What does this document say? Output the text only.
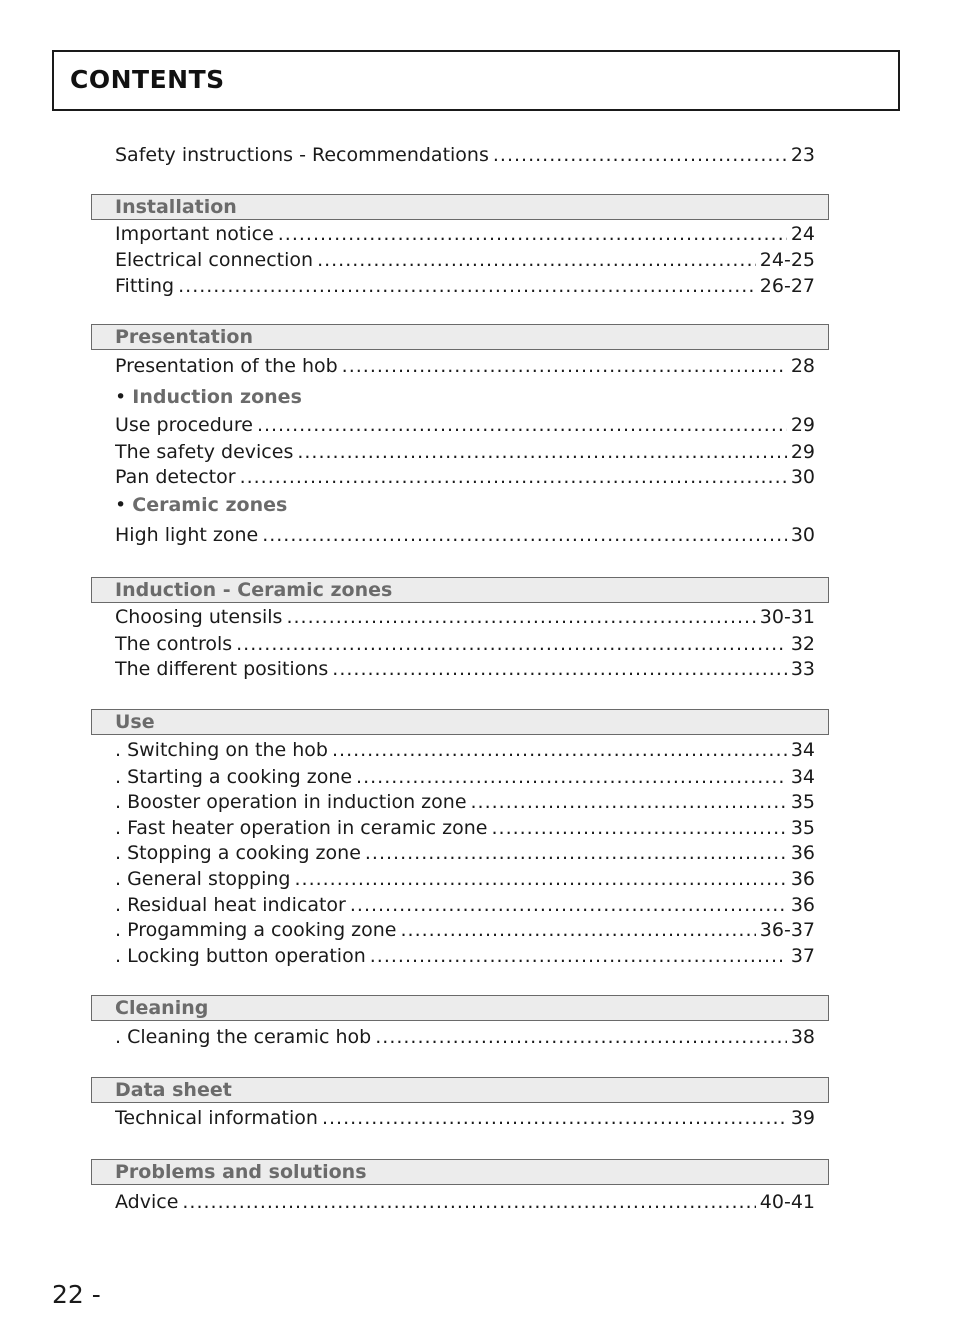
CONTENTS
Safety instructions - Recommendations .....	23
Installation
Important notice .....	24
Electrical connection .....	24-25
Fitting .....	26-27
Presentation
Presentation of the hob .....	28
• Induction zones
Use procedure .....	29
The safety devices .....	29
Pan detector .....	30
• Ceramic zones
High light zone .....	30
Induction - Ceramic zones
Choosing utensils .....	30-31
The controls .....	32
The different positions .....	33
Use
. Switching on the hob .....	34
. Starting a cooking zone .....	34
. Booster operation in induction zone .....	35
. Fast heater operation in ceramic zone .....	35
. Stopping a cooking zone .....	36
. General stopping .....	36
. Residual heat indicator .....	36
. Progamming a cooking zone .....	36-37
. Locking button operation .....	37
Cleaning
. Cleaning the ceramic hob .....	38
Data sheet
Technical information .....	39
Problems and solutions
Advice .....	40-41
22 -
